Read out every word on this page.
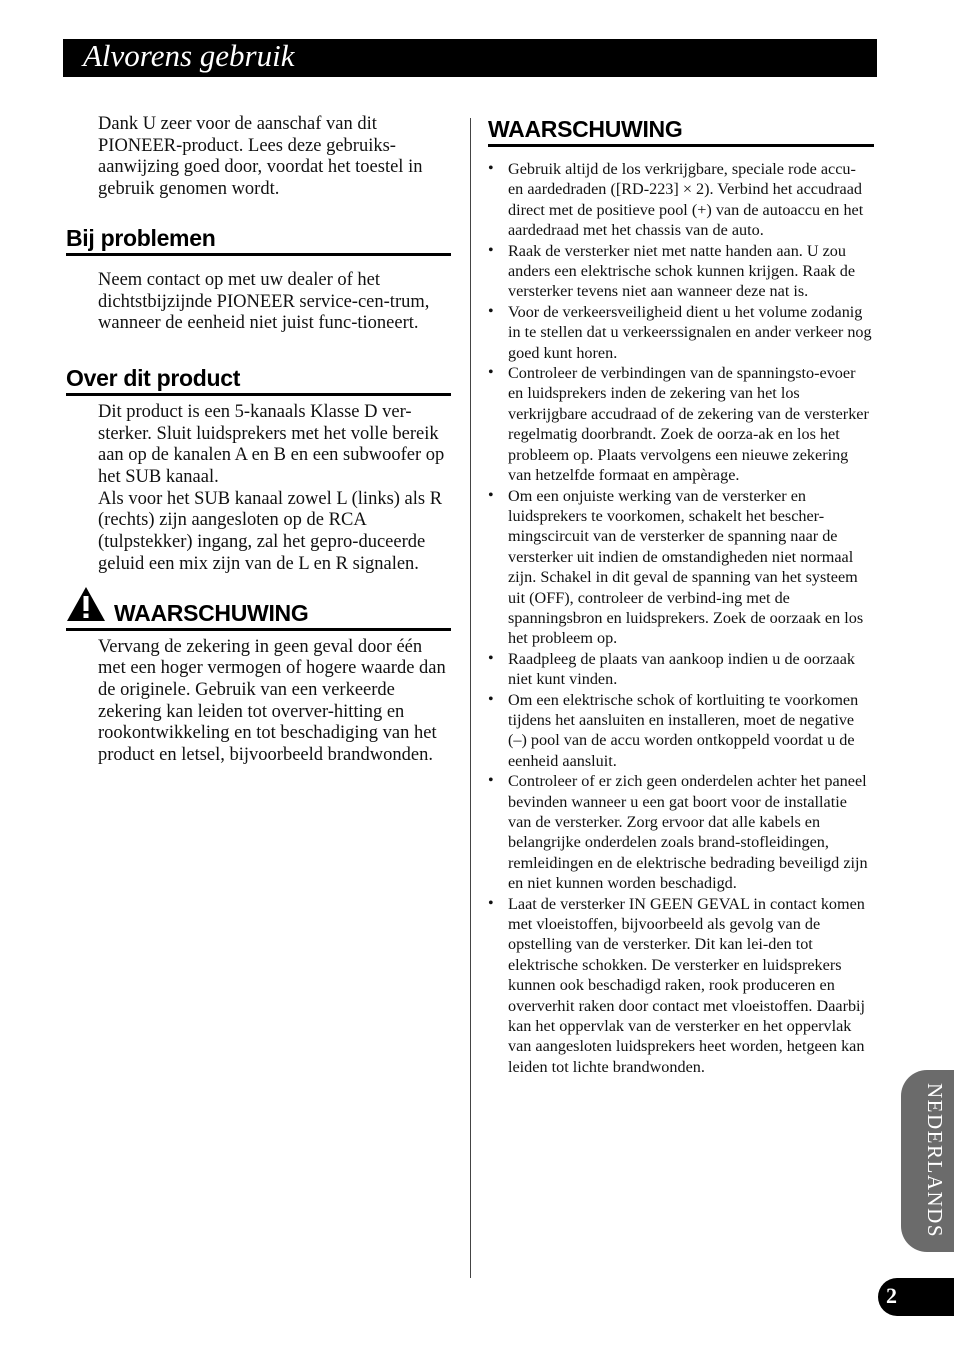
Alvorens gebruik

Dank U zeer voor de aanschaf van dit PIONEER-product. Lees deze gebruiks-aanwijzing goed door, voordat het toestel in gebruik genomen wordt.

Bij problemen

Neem contact op met uw dealer of het dichtstbijzijnde PIONEER service-cen-trum, wanneer de eenheid niet juist func-tioneert.

Over dit product

Dit product is een 5-kanaals Klasse D ver-sterker. Sluit luidsprekers met het volle bereik aan op de kanalen A en B en een subwoofer op het SUB kanaal.

Als voor het SUB kanaal zowel L (links) als R (rechts) zijn aangesloten op de RCA (tulpstekker) ingang, zal het gepro-duceerde geluid een mix zijn van de L en R signalen.

WAARSCHUWING

Vervang de zekering in geen geval door één met een hoger vermogen of hogere waarde dan de originele. Gebruik van een verkeerde zekering kan leiden tot overver-hitting en rookontwikkeling en tot beschadiging van het product en letsel, bijvoorbeeld brandwonden.

WAARSCHUWING
• Gebruik altijd de los verkrijgbare, speciale rode accu- en aardedraden ([RD-223] × 2). Verbind het accudraad direct met de positieve pool (+) van de autoaccu en het aardedraad met het chassis van de auto.
• Raak de versterker niet met natte handen aan. U zou anders een elektrische schok kunnen krijgen. Raak de versterker tevens niet aan wanneer deze nat is.
• Voor de verkeersveiligheid dient u het volume zodanig in te stellen dat u verkeerssignalen en ander verkeer nog goed kunt horen.
• Controleer de verbindingen van de spanningsto-evoer en luidsprekers inden de zekering van het los verkrijgbare accudraad of de zekering van de versterker regelmatig doorbrandt. Zoek de oorza-ak en los het probleem op. Plaats vervolgens een nieuwe zekering van hetzelfde formaat en ampèrage.
• Om een onjuiste werking van de versterker en luidsprekers te voorkomen, schakelt het bescher-mingscircuit van de versterker de spanning naar de versterker uit indien de omstandigheden niet normaal zijn. Schakel in dit geval de spanning van het systeem uit (OFF), controleer de verbind-ing met de spanningsbron en luidsprekers. Zoek de oorzaak en los het probleem op.
• Raadpleeg de plaats van aankoop indien u de oorzaak niet kunt vinden.
• Om een elektrische schok of kortluiting te voorkomen tijdens het aansluiten en installeren, moet de negative (–) pool van de accu worden ontkoppeld voordat u de eenheid aansluit.
• Controleer of er zich geen onderdelen achter het paneel bevinden wanneer u een gat boort voor de installatie van de versterker. Zorg ervoor dat alle kabels en belangrijke onderdelen zoals brand-stofleidingen, remleidingen en de elektrische bedrading beveiligd zijn en niet kunnen worden beschadigd.
• Laat de versterker IN GEEN GEVAL in contact komen met vloeistoffen, bijvoorbeeld als gevolg van de opstelling van de versterker. Dit kan lei-den tot elektrische schokken. De versterker en luidsprekers kunnen ook beschadigd raken, rook produceren en oververhit raken door contact met vloeistoffen. Daarbij kan het oppervlak van de versterker en het oppervlak van aangesloten luidsprekers heet worden, hetgeen kan leiden tot lichte brandwonden.
NEDERLANDS
2
